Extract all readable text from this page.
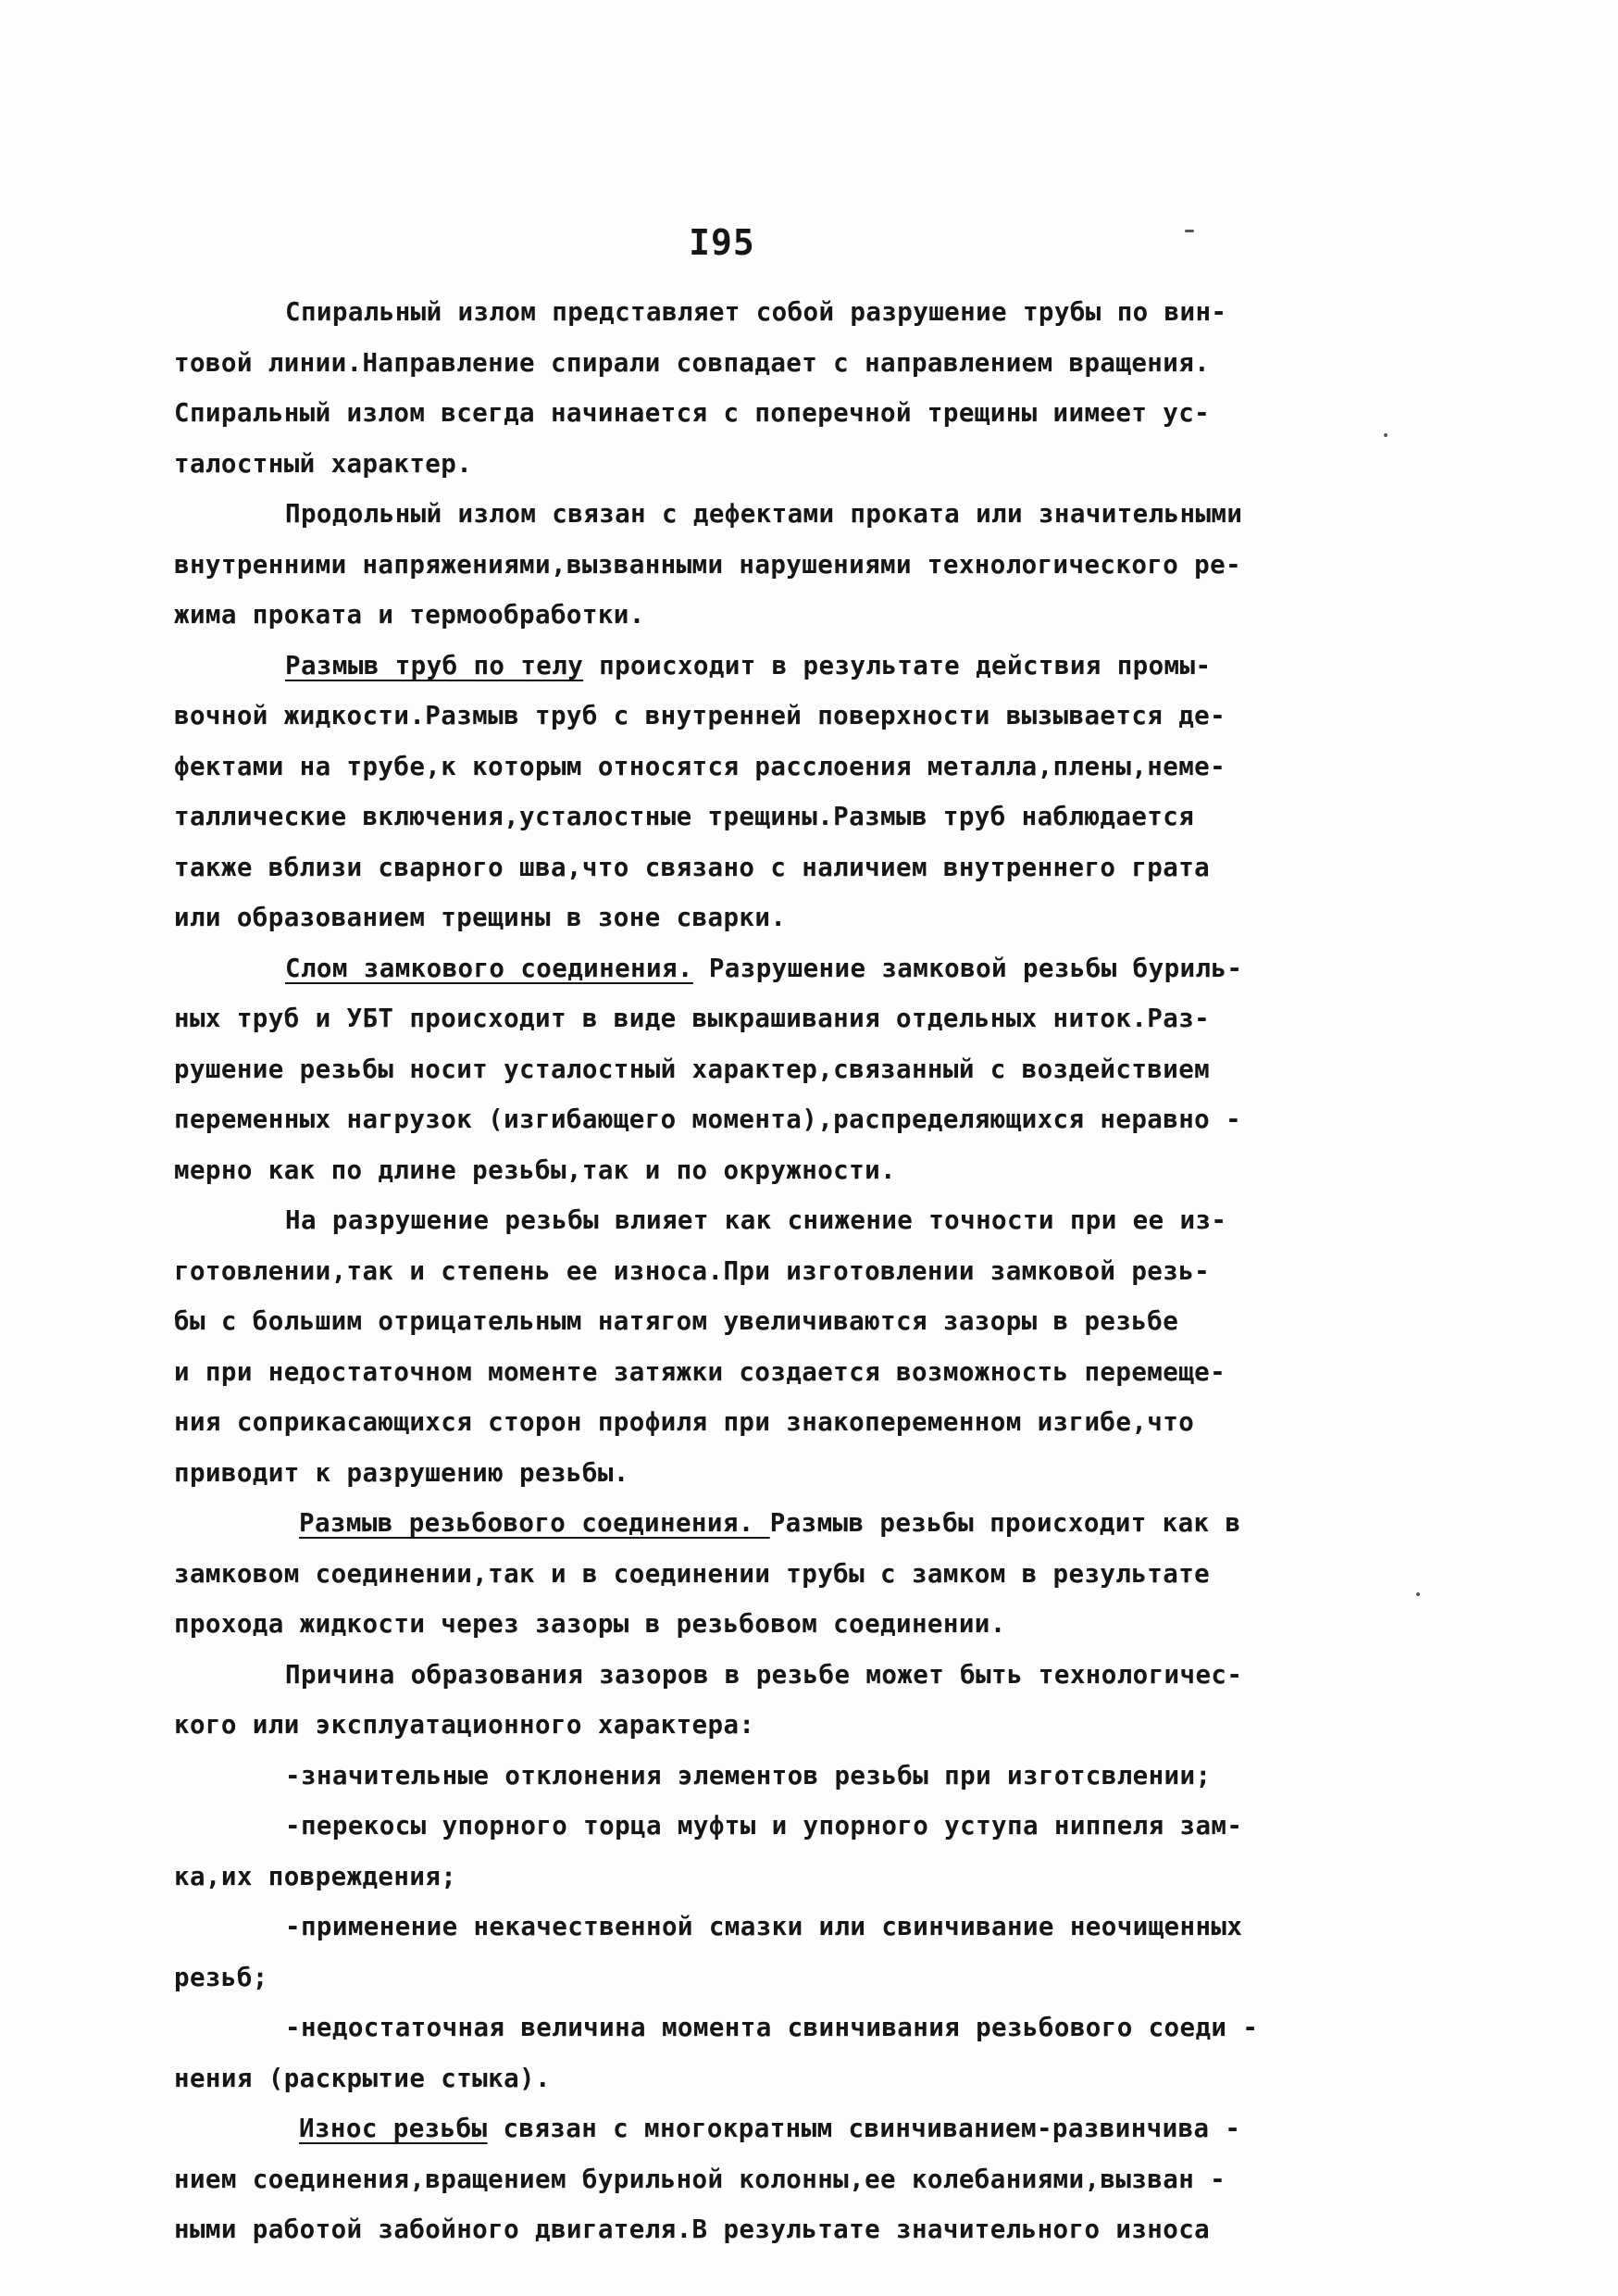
I95
Спиральный излом представляет собой разрушение трубы по вин-
товой линии.Направление спирали совпадает с направлением вращения.
Спиральный излом всегда начинается с поперечной трещины иимеет ус-
талостный характер.
Продольный излом связан с дефектами проката или значительными
внутренними напряжениями,вызванными нарушениями технологического ре-
жима проката и термообработки.
Размыв труб по телу происходит в результате действия промы-
вочной жидкости.Размыв труб с внутренней поверхности вызывается де-
фектами на трубе,к которым относятся расслоения металла,плены,неме-
таллические включения,усталостные трещины.Размыв труб наблюдается
также вблизи сварного шва,что связано с наличием внутреннего грата
или образованием трещины в зоне сварки.
Слом замкового соединения. Разрушение замковой резьбы буриль-
ных труб и УБТ происходит в виде выкрашивания отдельных ниток.Раз-
рушение резьбы носит усталостный характер,связанный с воздействием
переменных нагрузок (изгибающего момента),распределяющихся неравно -
мерно как по длине резьбы,так и по окружности.
На разрушение резьбы влияет как снижение точности при ее из-
готовлении,так и степень ее износа.При изготовлении замковой резь-
бы с большим отрицательным натягом увеличиваются зазоры в резьбе
и при недостаточном моменте затяжки создается возможность перемеще-
ния соприкасающихся сторон профиля при знакопеременном изгибе,что
приводит к разрушению резьбы.
Размыв резьбового соединения. Размыв резьбы происходит как в
замковом соединении,так и в соединении трубы с замком в результате
прохода жидкости через зазоры в резьбовом соединении.
Причина образования зазоров в резьбе может быть технологичес-
кого или эксплуатационного характера:
-значительные отклонения элементов резьбы при изготсвлении;
-перекосы упорного торца муфты и упорного уступа ниппеля зам-
ка,их повреждения;
-применение некачественной смазки или свинчивание неочищенных
резьб;
-недостаточная величина момента свинчивания резьбового соеди -
нения (раскрытие стыка).
Износ резьбы связан с многократным свинчиванием-развинчива -
нием соединения,вращением бурильной колонны,ее колебаниями,вызван -
ными работой забойного двигателя.В результате значительного износа
